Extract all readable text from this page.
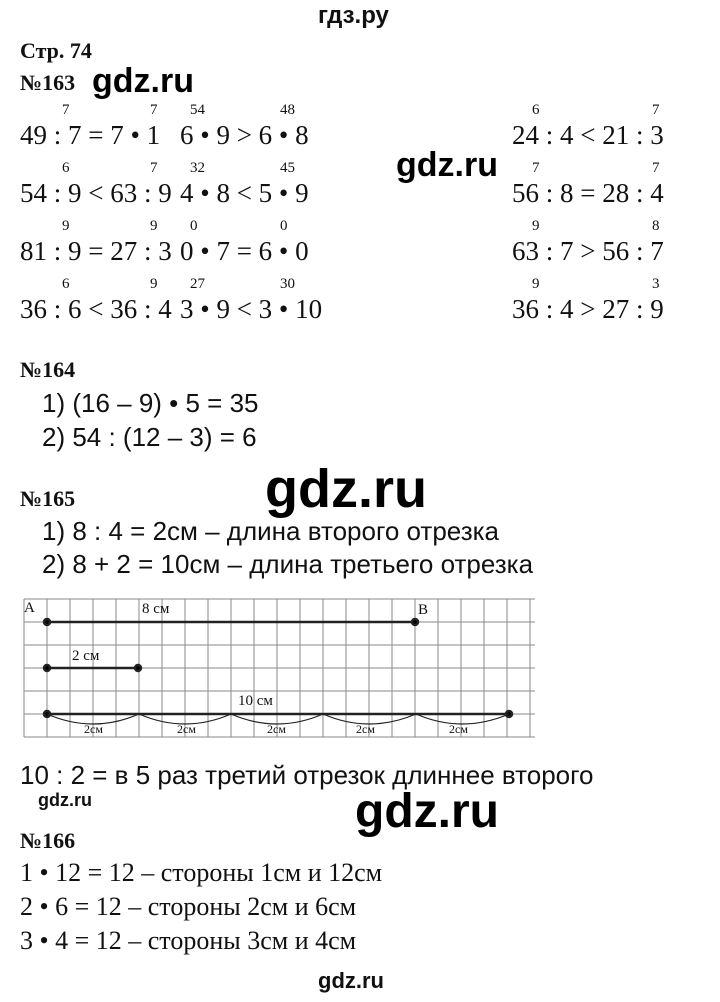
гдз.ру
Стр. 74
№163 gdz.ru
7	7
49 : 7 = 7 • 1
6	7
54 : 9 < 63 : 9
9	9
81 : 9 = 27 : 3
6	9
36 : 6 < 36 : 4
54	48
6 • 9 > 6 • 8
32	45
4 • 8 < 5 • 9
0	0
0 • 7 = 6 • 0
27	30
3 • 9 < 3 • 10
6	7
24 : 4 < 21 : 3
7	7
56 : 8 = 28 : 4
9	8
63 : 7 > 56 : 7
9	3
36 : 4 > 27 : 9
gdz.ru
№164
1) (16 – 9) • 5 = 35
2) 54 : (12 – 3) = 6
№165	gdz.ru
1) 8 : 4 = 2см – длина второго отрезка
2) 8 + 2 = 10см – длина третьего отрезка
A	B
8 см
2 см
10 см
2см	2см	2см	2см	2см
10 : 2 = в 5 раз третий отрезок длиннее второго
gdz.ru	gdz.ru
№166
1 • 12 = 12 – стороны 1см и 12см
2 • 6 = 12 – стороны 2см и 6см
3 • 4 = 12 – стороны 3см и 4см
gdz.ru
